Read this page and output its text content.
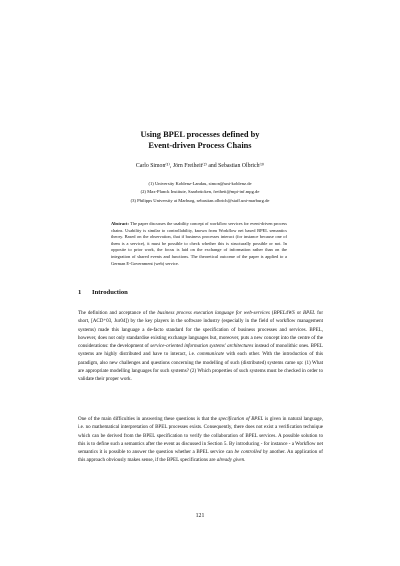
Using BPEL processes defined by
Event-driven Process Chains
Carlo Simon⁽¹⁾, Jörn Freiheit⁽²⁾ and Sebastian Olbrich⁽³⁾
(1) University Koblenz-Landau, simon@uni-koblenz.de
(2) Max-Planck Institute, Saarbrücken, freiheit@mpi-inf.mpg.de
(3) Philipps University at Marburg, sebastian.olbrich@staff.uni-marburg.de
Abstract: The paper discusses the usability concept of workflow services for event-driven process chains. Usability is similar to controllability, known from Workflow net based BPEL semantics theory. Based on the observation, that if business processes interact (for instance because one of them is a service), it must be possible to check whether this is structurally possible or not. In opposite to prior work, the focus is laid on the exchange of information rather than on the integration of shared events and functions. The theoretical outcome of the paper is applied to a German E-Government (web) service.
1 Introduction
The definition and acceptance of the business process execution language for web-services (BPEL4WS or BPEL for short, [ACD⁺03, Jur04]) by the key players in the software industry (especially in the field of workflow management systems) made this language a de-facto standard for the specification of business processes and services. BPEL, however, does not only standardise existing exchange languages but, moreover, puts a new concept into the centre of the considerations: the development of service-oriented information systems' architectures instead of monolithic ones. BPEL systems are highly distributed and have to interact, i.e. communicate with each other. With the introduction of this paradigm, also new challenges and questions concerning the modelling of such (distributed) systems came up: (1) What are appropriate modelling languages for such systems? (2) Which properties of such systems must be checked in order to validate their proper work.
One of the main difficulties in answering these questions is that the specification of BPEL is given in natural language, i.e. no mathematical interpretation of BPEL processes exists. Consequently, there does not exist a verification technique which can be derived from the BPEL specification to verify the collaboration of BPEL services. A possible solution to this is to define such a semantics after the event as discussed in Section 5. By introducing - for instance - a Workflow net semantics it is possible to answer the question whether a BPEL service can be controlled by another. An application of this approach obviously makes sense, if the BPEL specifications are already given.
121
